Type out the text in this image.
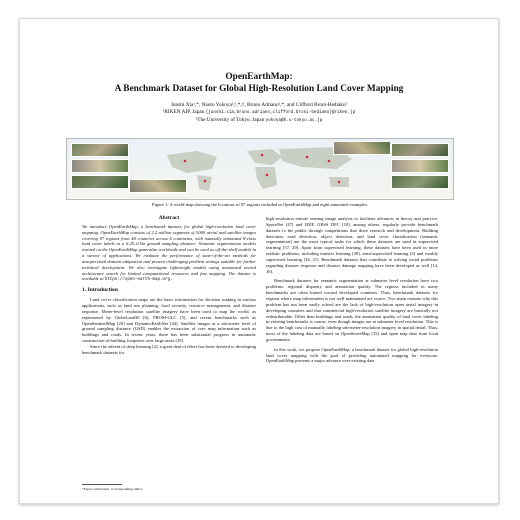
OpenEarthMap:
A Benchmark Dataset for Global High-Resolution Land Cover Mapping
Junshi Xia¹,*, Naoto Yokoya²,¹,*,†, Bruno Adriano¹,*, and Clifford Broni-Bediako¹
¹RIKEN AIP, Japan {junshi.xia,bruno.adriano,clifford.broni-bediako}@riken.jp
²The University of Tokyo, Japan yokoya@k.u-tokyo.ac.jp
Figure 1: A world map showing the locations of 97 regions included in OpenEarthMap and eight annotated examples.
Abstract
We introduce OpenEarthMap, a benchmark dataset, for global high-resolution land cover mapping. OpenEarthMap consists of 2.2 million segments of 5000 aerial and satellite images covering 97 regions from 44 countries across 6 continents, with manually annotated 8-class land cover labels at a 0.25–0.5m ground sampling distance. Semantic segmentation models trained on the OpenEarthMap generalize worldwide and can be used as off-the-shelf models in a variety of applications. We evaluate the performance of state-of-the-art methods for unsupervised domain adaptation and present challenging problem settings suitable for further technical development. We also investigate lightweight models using automated neural architecture search for limited computational resources and fast mapping. The dataset is available at https://open-earth-map.org.
1. Introduction

Land cover classification maps are the basic information for decision making in various applications, such as land use planning, food security, resource management, and disaster response. Meter-level resolution satellite imagery have been used to map the world, as represented by GlobeLand30 [6], FROM-GLC [5], and recent benchmarks such as OpenSentinelMap [20] and DynamicEarthNet [44]. Satellite images at a sub-meter level of ground sampling distance (GSD) enables the extraction of core map information such as buildings and roads. In recent years, there has been substantial progress in automatic construction of building footprints over large areas [39].

Since the advent of deep learning [2], a great deal of effort has been devoted to developing benchmark datasets for

high-resolution remote sensing image analysis to facilitate advances in theory and practice. SpaceNet [47] and IEEE GRSS DFC [18], among others, regularly provide benchmark datasets to the public through competitions that drive research and development. Building detection, road detection, object detection, and land cover classification (semantic segmentation) are the most typical tasks for which these datasets are used in supervised learning [57, 29]. Apart from supervised learning, these datasets have been used in more realistic problems, including transfer learning [49], semi-supervised learning [4] and weakly supervised learning [36, 21]. Benchmark datasets that contribute to solving social problems regarding disaster response and disaster damage mapping have been developed as well [14, 16].

Benchmark datasets for semantic segmentation at submeter level resolution have two problems: regional disparity and annotation quality. The regions included in many benchmarks are often biased toward developed countries. Thus, benchmark datasets for regions where map information is not well maintained are scarce. Two main reasons why this problem has not been easily solved are the lack of high-resolution open aerial imagery in developing countries and that commercial high-resolution satellite imagery are basically not redistributable. Other than buildings and roads, the annotation quality of land cover labeling in existing benchmarks is coarse, even though images are at submeter level resolution. This is due to the high cost of manually labeling sub-meter-resolution imagery in spatial detail. Thus, most of the labeling data are based on OpenStreetMap [35] and open map data from local governments.

In this work, we propose OpenEarthMap, a benchmark dataset for global high-resolution land cover mapping with the goal of providing automated mapping for everyone. OpenEarthMap presents a major advance over existing data

*Equal contribution. †Corresponding author.
